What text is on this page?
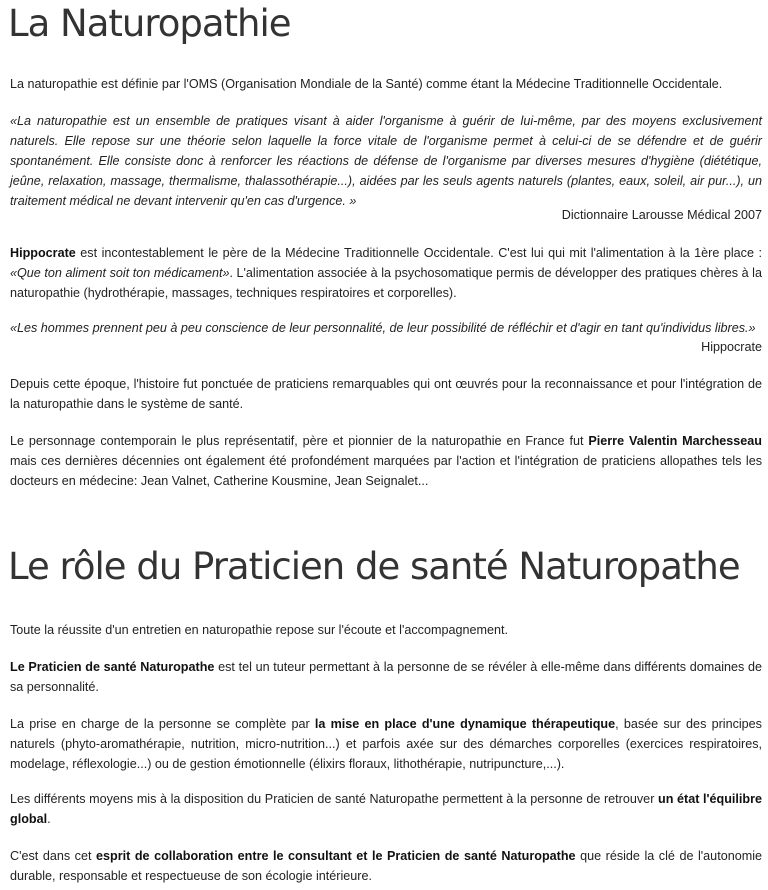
La Naturopathie

La naturopathie est définie par l'OMS (Organisation Mondiale de la Santé) comme étant la Médecine Traditionnelle Occidentale.

«La naturopathie est un ensemble de pratiques visant à aider l'organisme à guérir de lui-même, par des moyens exclusivement naturels. Elle repose sur une théorie selon laquelle la force vitale de l'organisme permet à celui-ci de se défendre et de guérir spontanément. Elle consiste donc à renforcer les réactions de défense de l'organisme par diverses mesures d'hygiène (diététique, jeûne, relaxation, massage, thermalisme, thalassothérapie...), aidées par les seuls agents naturels (plantes, eaux, soleil, air pur...), un traitement médical ne devant intervenir qu'en cas d'urgence. »

Dictionnaire Larousse Médical 2007

Hippocrate est incontestablement le père de la Médecine Traditionnelle Occidentale. C'est lui qui mit l'alimentation à la 1ère place : «Que ton aliment soit ton médicament». L'alimentation associée à la psychosomatique permis de développer des pratiques chères à la naturopathie (hydrothérapie, massages, techniques respiratoires et corporelles).

«Les hommes prennent peu à peu conscience de leur personnalité, de leur possibilité de réfléchir et d'agir en tant qu'individus libres.»

Hippocrate

Depuis cette époque, l'histoire fut ponctuée de praticiens remarquables qui ont œuvrés pour la reconnaissance et pour l'intégration de la naturopathie dans le système de santé.

Le personnage contemporain le plus représentatif, père et pionnier de la naturopathie en France fut Pierre Valentin Marchesseau mais ces dernières décennies ont également été profondément marquées par l'action et l'intégration de praticiens allopathes tels les docteurs en médecine: Jean Valnet, Catherine Kousmine, Jean Seignalet...

Le rôle du Praticien de santé Naturopathe

Toute la réussite d'un entretien en naturopathie repose sur l'écoute et l'accompagnement.

Le Praticien de santé Naturopathe est tel un tuteur permettant à la personne de se révéler à elle-même dans différents domaines de sa personnalité.

La prise en charge de la personne se complète par la mise en place d'une dynamique thérapeutique, basée sur des principes naturels (phyto-aromathérapie, nutrition, micro-nutrition...) et parfois axée sur des démarches corporelles (exercices respiratoires, modelage, réflexologie...) ou de gestion émotionnelle (élixirs floraux, lithothérapie, nutripuncture,...).

Les différents moyens mis à la disposition du Praticien de santé Naturopathe permettent à la personne de retrouver un état l'équilibre global.

C'est dans cet esprit de collaboration entre le consultant et le Praticien de santé Naturopathe que réside la clé de l'autonomie durable, responsable et respectueuse de son écologie intérieure.
